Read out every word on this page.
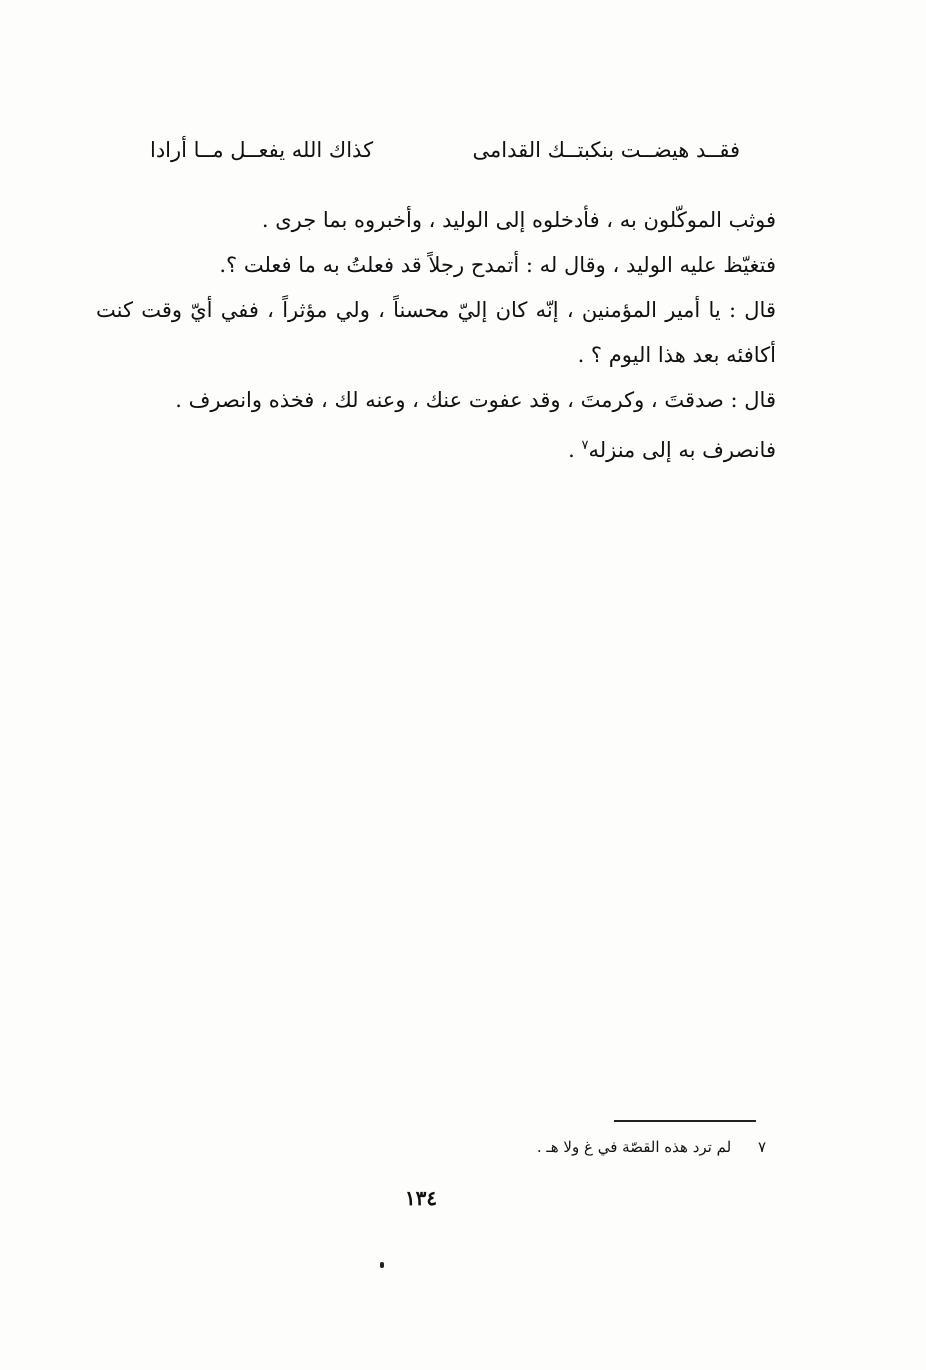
فقــد هيضــت بنكبتــك القدامى
كذاك الله يفعــل مــا أرادا

فوثب الموكّلون به ، فأدخلوه إلى الوليد ، وأخبروه بما جرى .

فتغيّظ عليه الوليد ، وقال له : أتمدح رجلاً قد فعلتُ به ما فعلت ؟.

قال : يا أمير المؤمنين ، إنّه كان إليّ محسناً ، ولي مؤثراً ، ففي أيّ وقت كنت أكافئه بعد هذا اليوم ؟ .

قال : صدقتَ ، وكرمتَ ، وقد عفوت عنك ، وعنه لك ، فخذه وانصرف .

فانصرف به إلى منزله$^٧$ .

٧ لم ترد هذه القصّة في غ ولا هـ .
١٣٤
